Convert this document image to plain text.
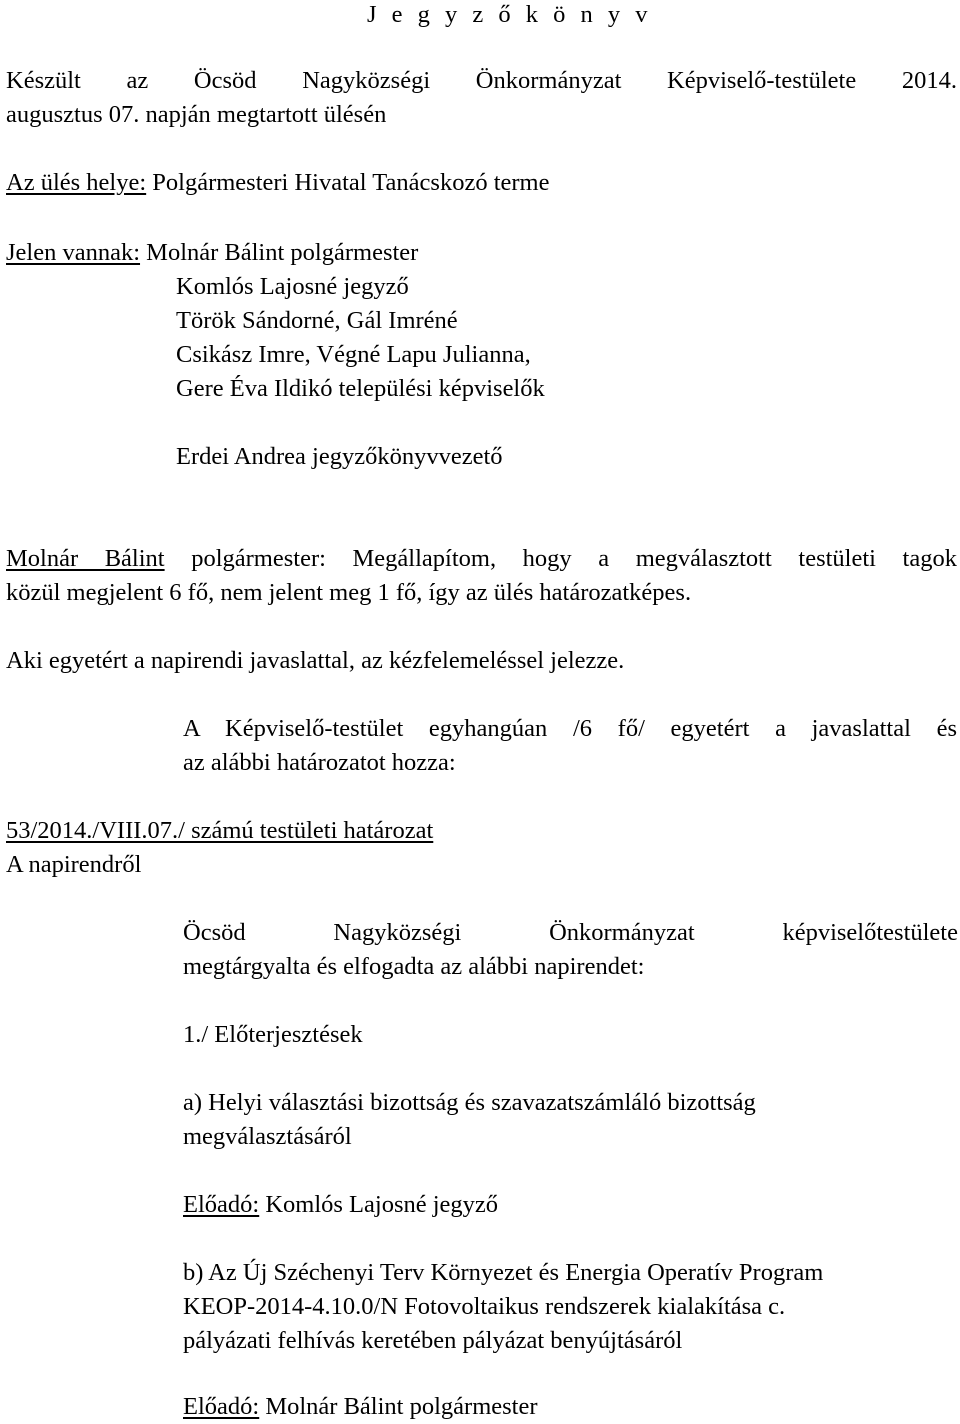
J e g y z ő k ö n y v
Készült az Öcsöd Nagyközségi Önkormányzat Képviselő-testülete 2014.
augusztus 07. napján megtartott ülésén
Az ülés helye: Polgármesteri Hivatal Tanácskozó terme
Jelen vannak: Molnár Bálint polgármester
Komlós Lajosné jegyző
Török Sándorné, Gál Imréné
Csikász Imre, Végné Lapu Julianna,
Gere Éva Ildikó települési képviselők
Erdei Andrea jegyzőkönyvvezető
Molnár Bálint polgármester: Megállapítom, hogy a megválasztott testületi tagok
közül megjelent 6 fő, nem jelent meg 1 fő, így az ülés határozatképes.
Aki egyetért a napirendi javaslattal, az kézfelemeléssel jelezze.
A Képviselő-testület egyhangúan /6 fő/ egyetért a javaslattal és
az alábbi határozatot hozza:
53/2014./VIII.07./ számú testületi határozat
A napirendről
Öcsöd Nagyközségi Önkormányzat képviselőtestülete
megtárgyalta és elfogadta az alábbi napirendet:
1./ Előterjesztések
a) Helyi választási bizottság és szavazatszámláló bizottság
megválasztásáról
Előadó: Komlós Lajosné jegyző
b) Az Új Széchenyi Terv Környezet és Energia Operatív Program
KEOP-2014-4.10.0/N Fotovoltaikus rendszerek kialakítása c.
pályázati felhívás keretében pályázat benyújtásáról
Előadó: Molnár Bálint polgármester
